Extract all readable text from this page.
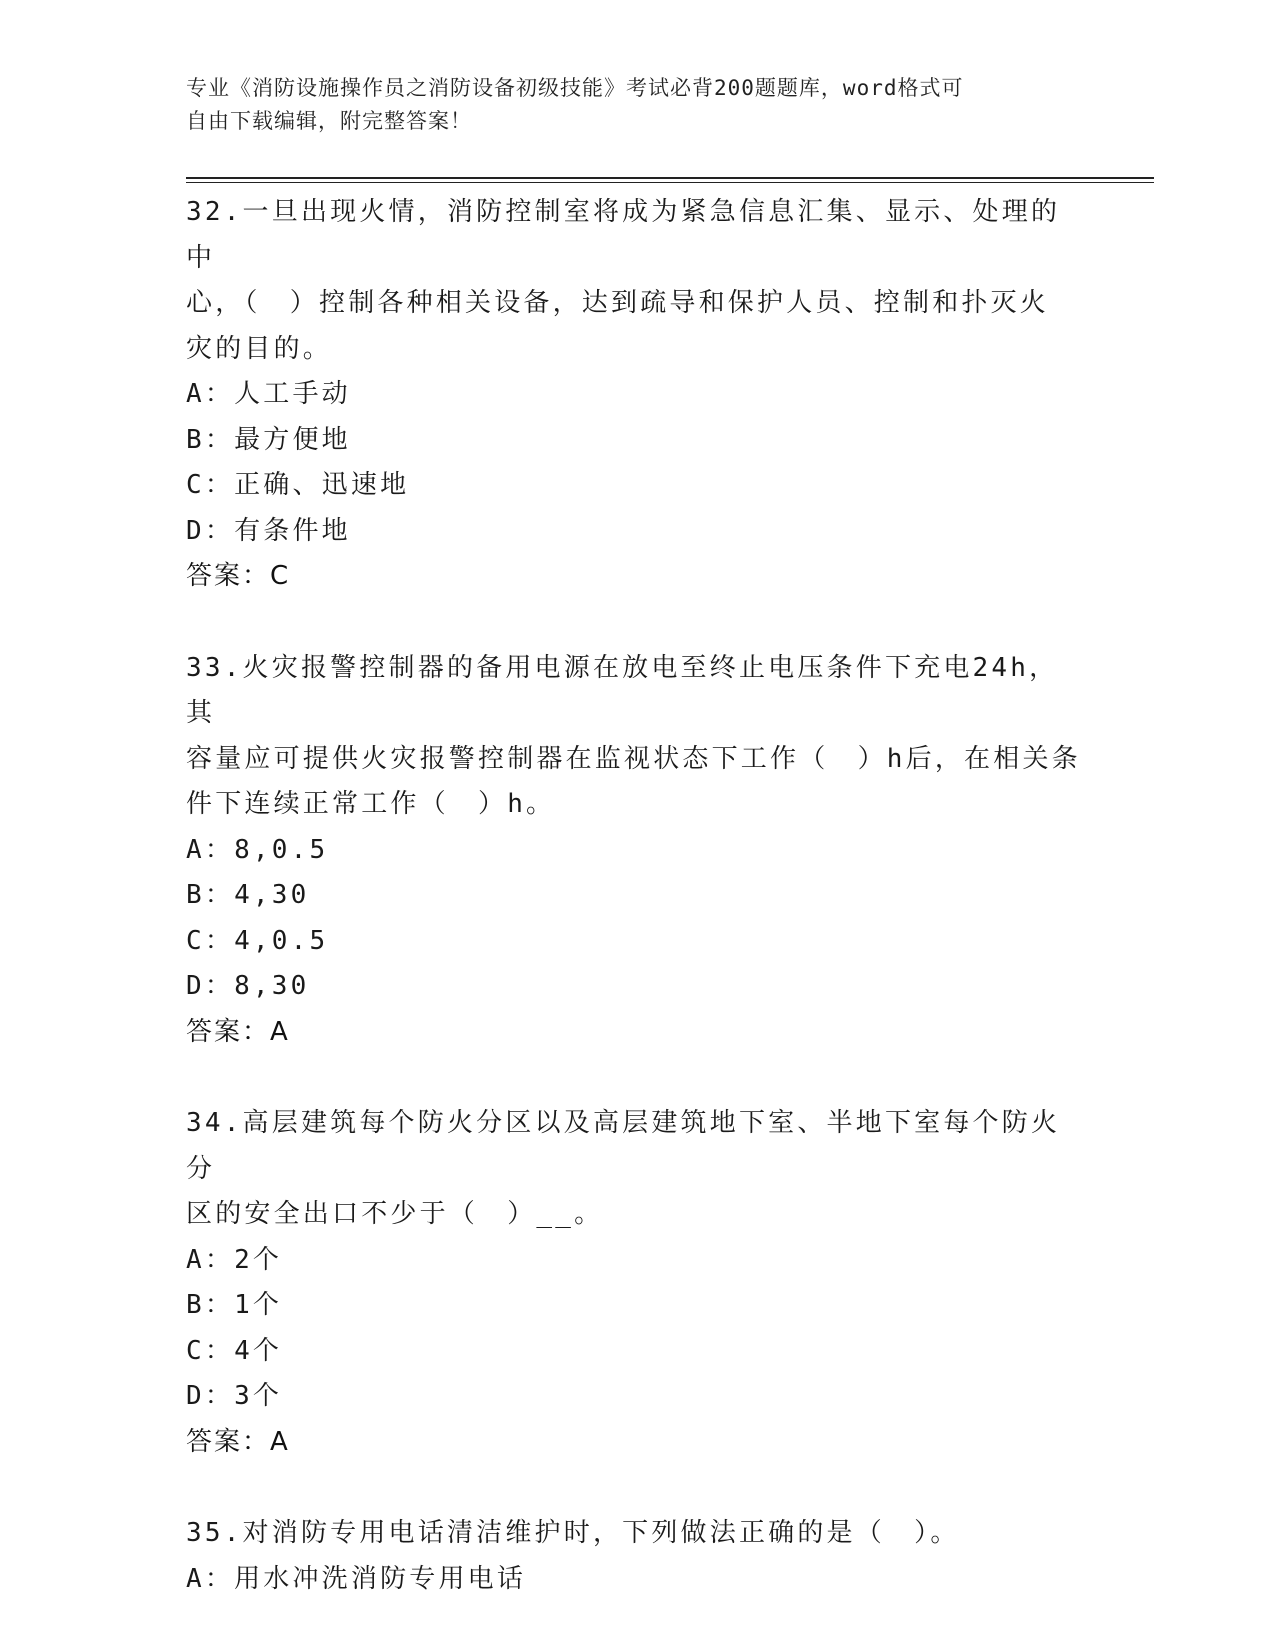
专业《消防设施操作员之消防设备初级技能》考试必背200题题库，word格式可
自由下载编辑，附完整答案！

32.一旦出现火情，消防控制室将成为紧急信息汇集、显示、处理的中

心，（　）控制各种相关设备，达到疏导和保护人员、控制和扑灭火

灾的目的。

A：人工手动
B：最方便地
C：正确、迅速地
D：有条件地

答案：C

33.火灾报警控制器的备用电源在放电至终止电压条件下充电24h，其

容量应可提供火灾报警控制器在监视状态下工作（　）h后，在相关条

件下连续正常工作（　）h。

A：8,0.5
B：4,30
C：4,0.5
D：8,30

答案：A

34.高层建筑每个防火分区以及高层建筑地下室、半地下室每个防火分

区的安全出口不少于（　）__。

A：2个
B：1个
C：4个
D：3个

答案：A

35.对消防专用电话清洁维护时，下列做法正确的是（　）。

A：用水冲洗消防专用电话
